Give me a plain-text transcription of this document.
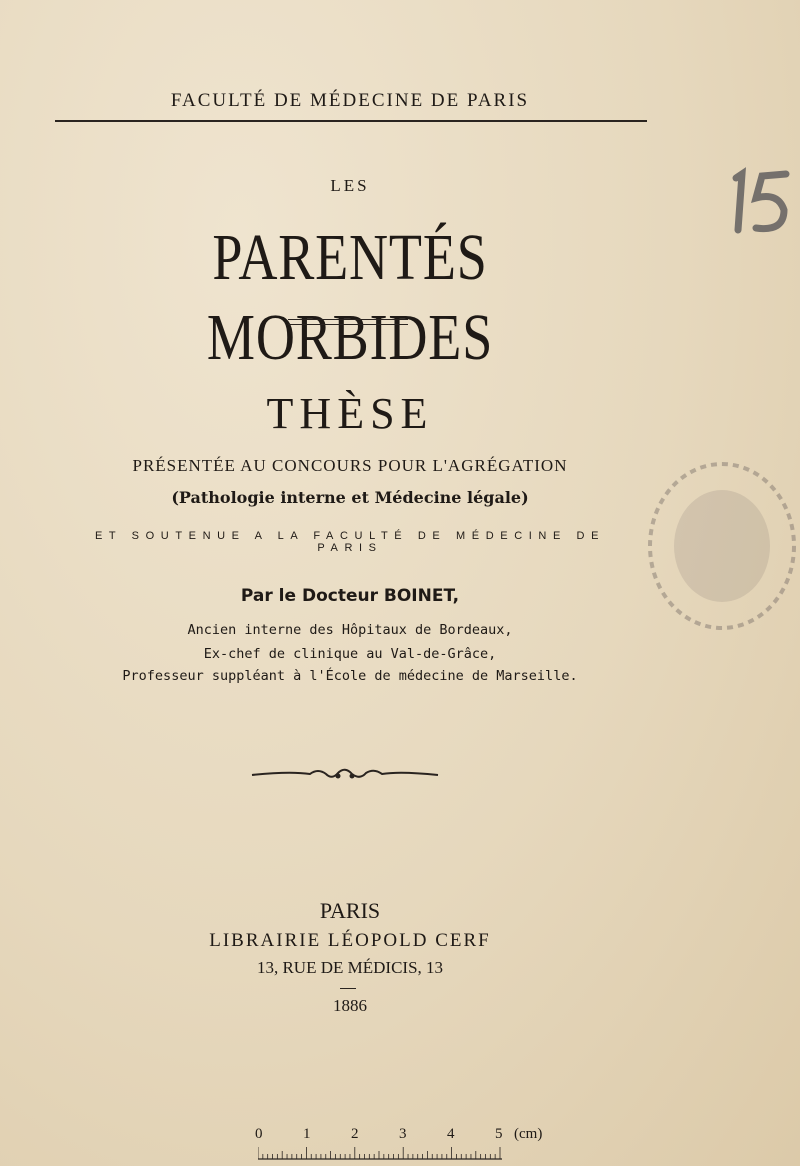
FACULTÉ DE MÉDECINE DE PARIS
LES
PARENTÉS MORBIDES
THÈSE
PRÉSENTÉE AU CONCOURS POUR L'AGRÉGATION
(Pathologie interne et Médecine légale)
ET SOUTENUE A LA FACULTÉ DE MÉDECINE DE PARIS
Par le Docteur BOINET,
Ancien interne des Hôpitaux de Bordeaux,
Ex-chef de clinique au Val-de-Grâce,
Professeur suppléant à l'École de médecine de Marseille.
PARIS
LIBRAIRIE LÉOPOLD CERF
13, RUE DE MÉDICIS, 13
1886
0	1	2	3	4	5 (cm)
